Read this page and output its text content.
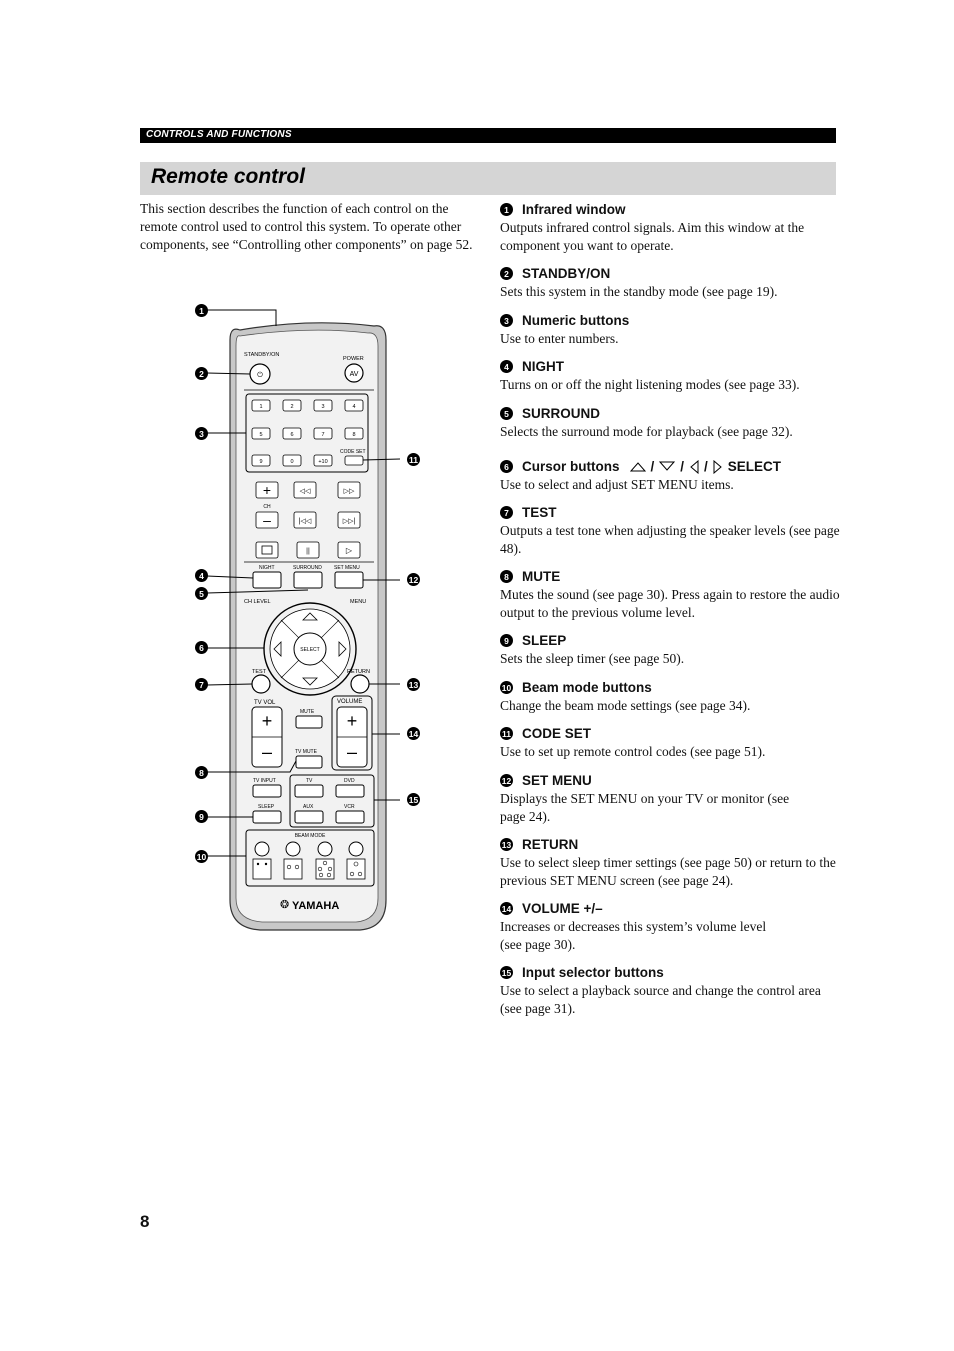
CONTROLS AND FUNCTIONS
Remote control

This section describes the function of each control on the remote control used to control this system. To operate other components, see “Controlling other components” on page 52.

STANDBY/ON
⏻
POWER
AV
1	2	3	4
5	6	7	8
9	0	+10
CODE SET
+
CH
–
◁◁	▷▷
|◁◁	▷▷|
||	▷
NIGHT	SURROUND SET MENU
CH LEVEL	MENU
SELECT
TEST	RETURN
TV VOL
+
–
MUTE
TV MUTE
VOLUME
+
–
TV INPUT	TV	DVD
SLEEP	AUX	VCR
BEAM MODE
❂ YAMAHA
1
2
3
11
4
5
12
6
7	13
14
8
15
9
10
1 Infrared window

Outputs infrared control signals. Aim this window at the component you want to operate.

2 STANDBY/ON

Sets this system in the standby mode (see page 19).

3 Numeric buttons

Use to enter numbers.

4 NIGHT

Turns on or off the night listening modes (see page 33).

5 SURROUND

Selects the surround mode for playback (see page 32).

6 Cursor buttons / / / SELECT

Use to select and adjust SET MENU items.

7 TEST

Outputs a test tone when adjusting the speaker levels (see page 48).

8 MUTE

Mutes the sound (see page 30). Press again to restore the audio output to the previous volume level.

9 SLEEP

Sets the sleep timer (see page 50).

10 Beam mode buttons

Change the beam mode settings (see page 34).

11 CODE SET

Use to set up remote control codes (see page 51).

12 SET MENU

Displays the SET MENU on your TV or monitor (see page 24).

13 RETURN

Use to select sleep timer settings (see page 50) or return to the previous SET MENU screen (see page 24).

14 VOLUME +/–

Increases or decreases this system’s volume level (see page 30).

15 Input selector buttons

Use to select a playback source and change the control area (see page 31).

8
